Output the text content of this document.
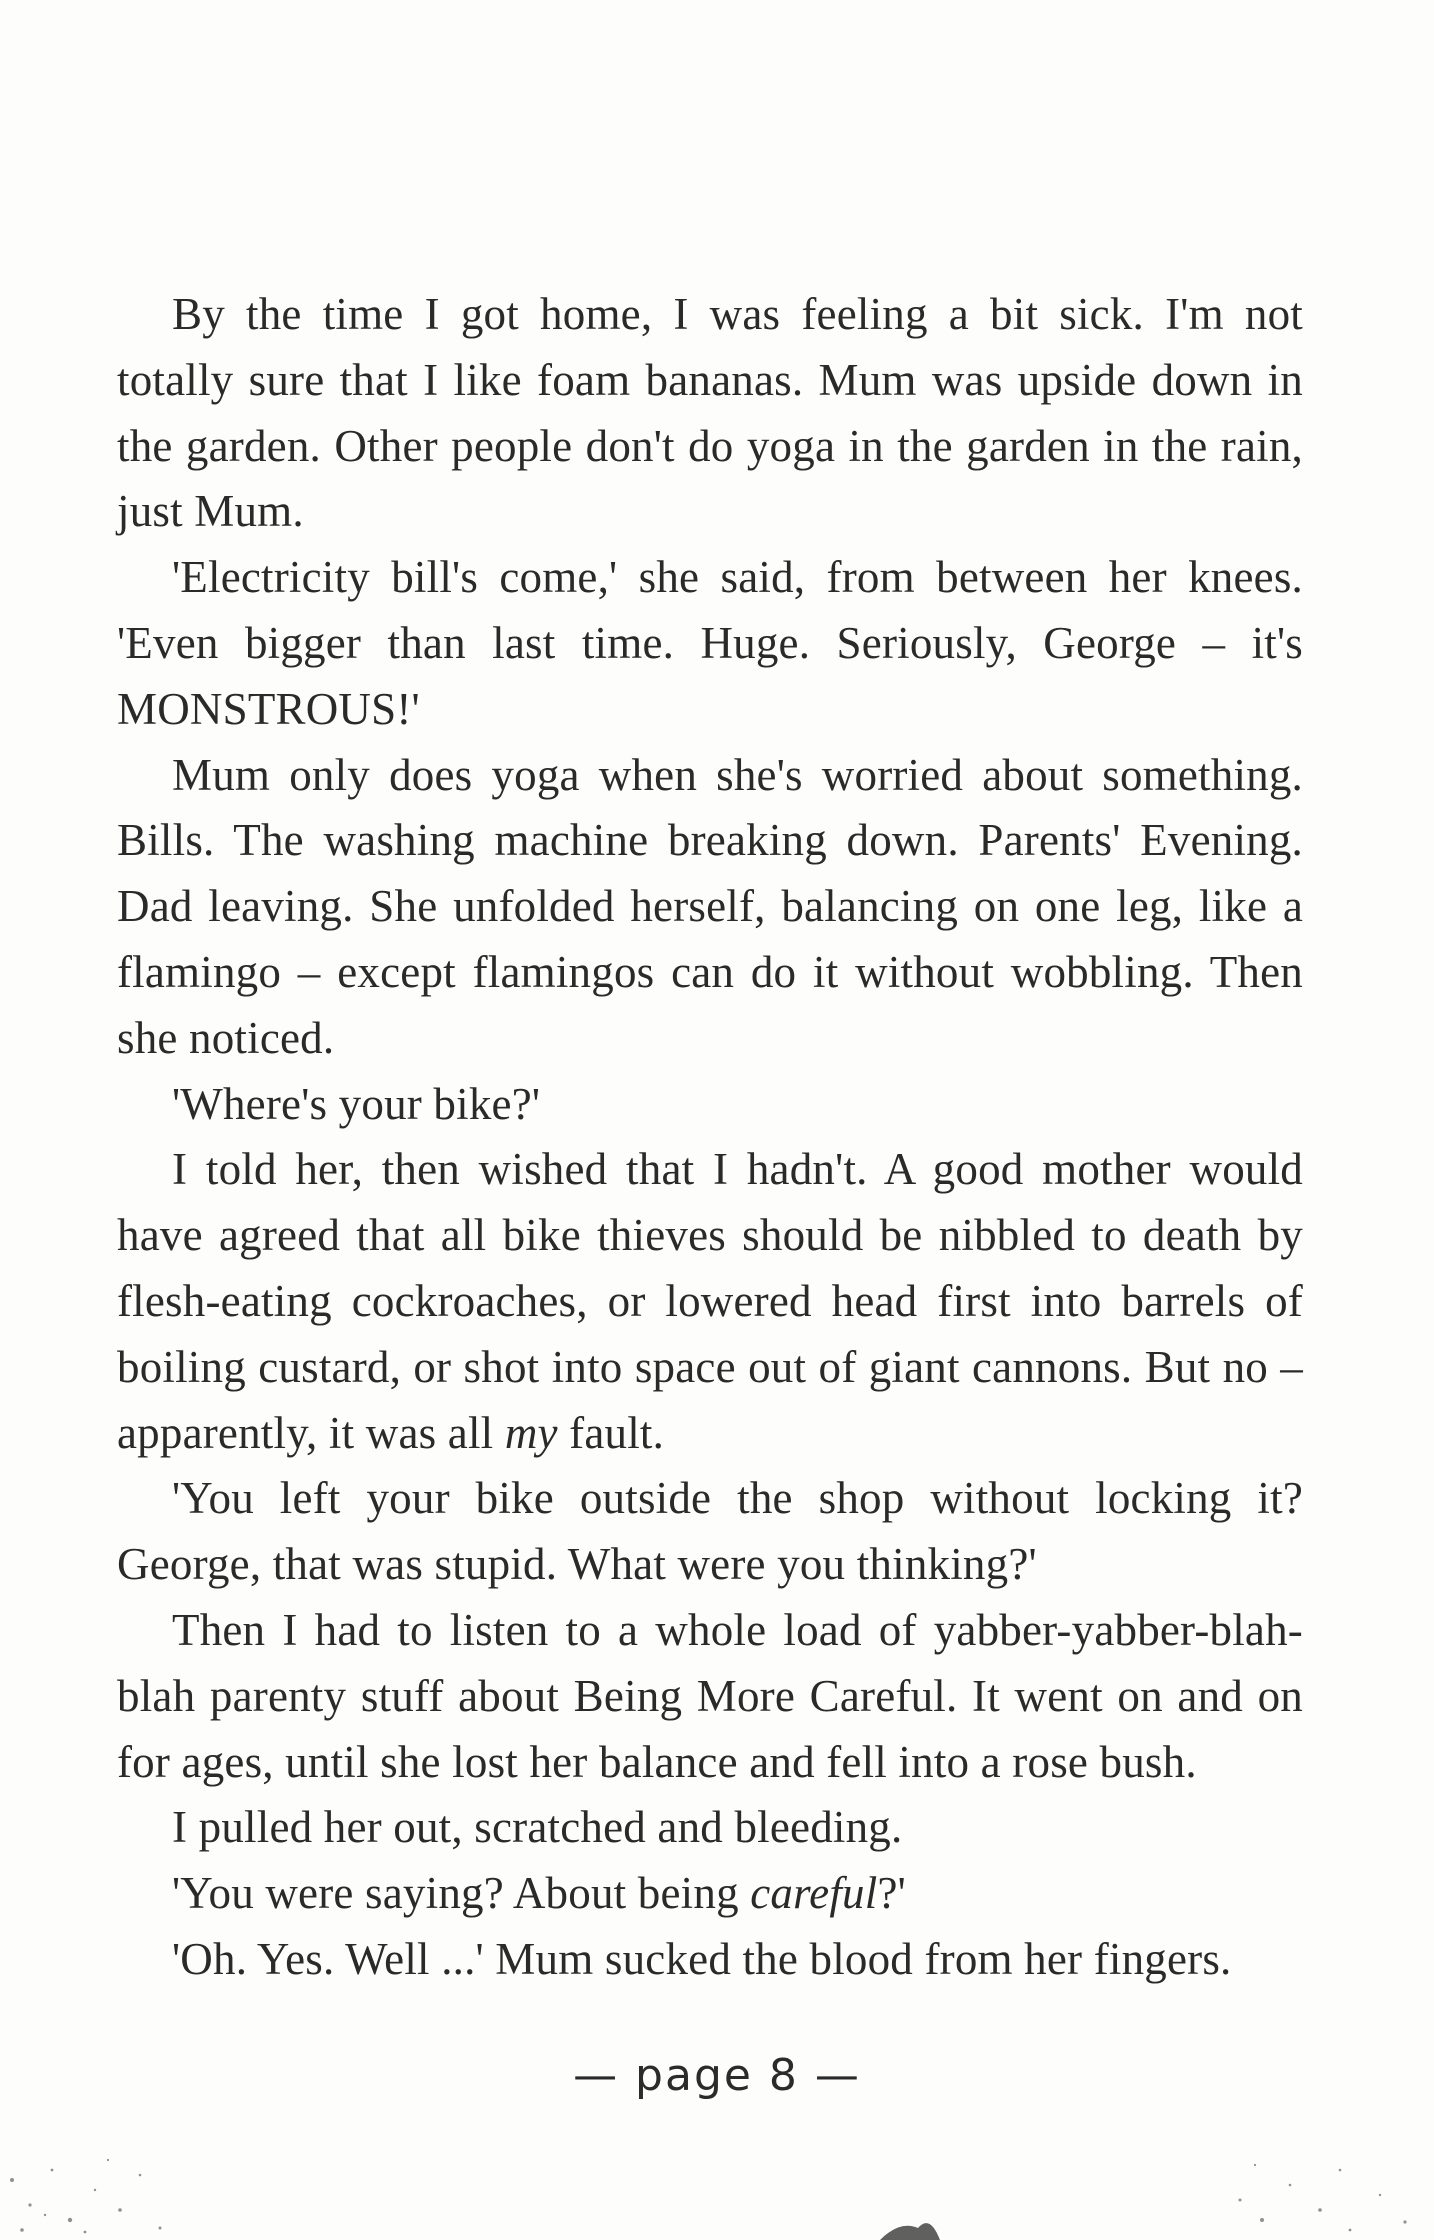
By the time I got home, I was feeling a bit sick. I'm not totally sure that I like foam bananas. Mum was upside down in the garden. Other people don't do yoga in the garden in the rain, just Mum.

'Electricity bill's come,' she said, from between her knees. 'Even bigger than last time. Huge. Seriously, George – it's MONSTROUS!'

Mum only does yoga when she's worried about something. Bills. The washing machine breaking down. Parents' Evening. Dad leaving. She unfolded herself, balancing on one leg, like a flamingo – except flamingos can do it without wobbling. Then she noticed.

'Where's your bike?'

I told her, then wished that I hadn't. A good mother would have agreed that all bike thieves should be nibbled to death by flesh-eating cockroaches, or lowered head first into barrels of boiling custard, or shot into space out of giant cannons. But no – apparently, it was all my fault.

'You left your bike outside the shop without locking it? George, that was stupid. What were you thinking?'

Then I had to listen to a whole load of yabber-yabber-blah-blah parenty stuff about Being More Careful. It went on and on for ages, until she lost her balance and fell into a rose bush.

I pulled her out, scratched and bleeding.

'You were saying? About being careful?'

'Oh. Yes. Well ...' Mum sucked the blood from her fingers.

— page 8 —
